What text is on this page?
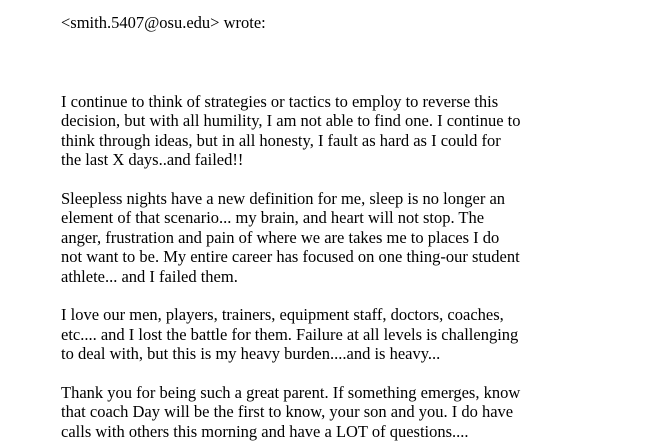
<smith.5407@osu.edu> wrote:

I continue to think of strategies or tactics to employ to reverse this
decision, but with all humility, I am not able to find one. I continue to
think through ideas, but in all honesty, I fault as hard as I could for
the last X days..and failed!!

Sleepless nights have a new definition for me, sleep is no longer an
element of that scenario... my brain, and heart will not stop. The
anger, frustration and pain of where we are takes me to places I do
not want to be. My entire career has focused on one thing-our student
athlete... and I failed them.

I love our men, players, trainers, equipment staff, doctors, coaches,
etc.... and I lost the battle for them. Failure at all levels is challenging
to deal with, but this is my heavy burden....and is heavy...

Thank you for being such a great parent. If something emerges, know
that coach Day will be the first to know, your son and you. I do have
calls with others this morning and have a LOT of questions....
